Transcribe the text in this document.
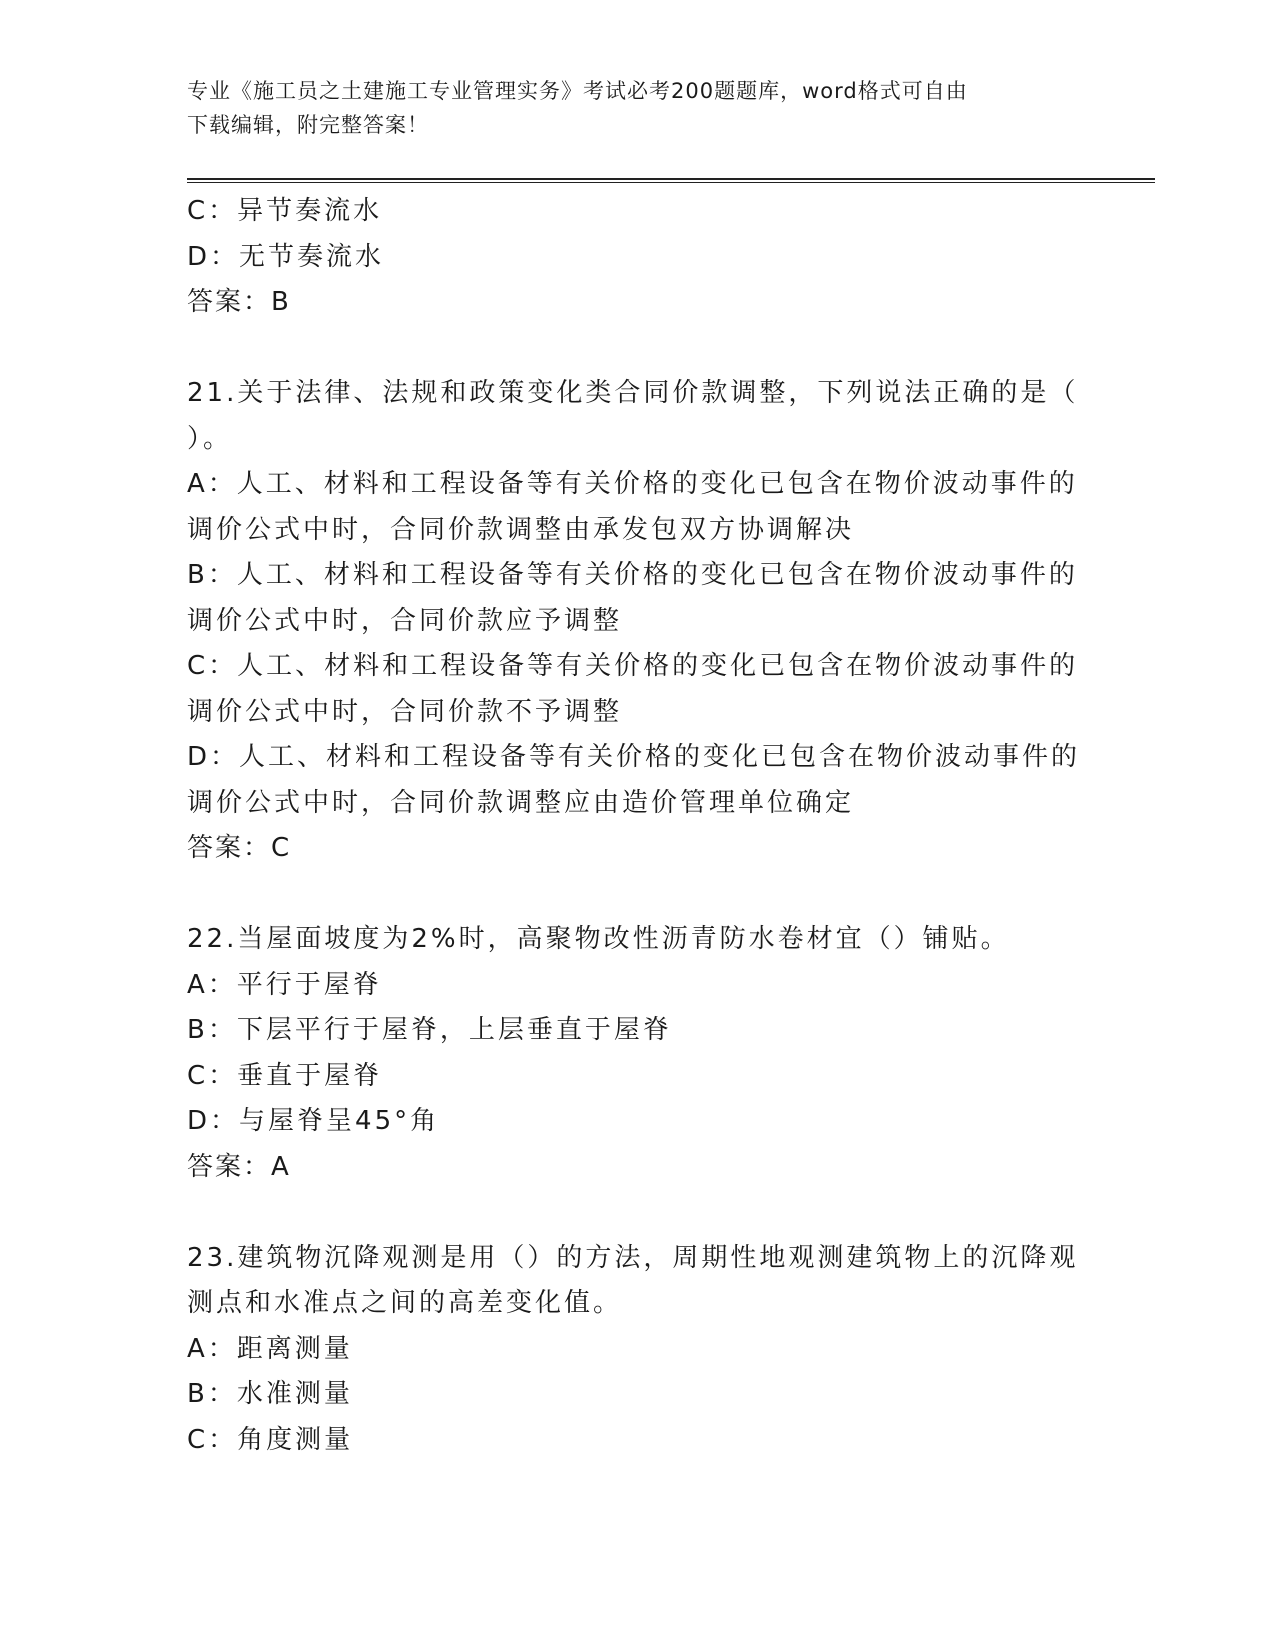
专业《施工员之土建施工专业管理实务》考试必考200题题库，word格式可自由
下载编辑，附完整答案！
C：异节奏流水
D：无节奏流水
答案：B
21.关于法律、法规和政策变化类合同价款调整，下列说法正确的是（
）。
A：人工、材料和工程设备等有关价格的变化已包含在物价波动事件的
调价公式中时，合同价款调整由承发包双方协调解决
B：人工、材料和工程设备等有关价格的变化已包含在物价波动事件的
调价公式中时，合同价款应予调整
C：人工、材料和工程设备等有关价格的变化已包含在物价波动事件的
调价公式中时，合同价款不予调整
D：人工、材料和工程设备等有关价格的变化已包含在物价波动事件的
调价公式中时，合同价款调整应由造价管理单位确定
答案：C
22.当屋面坡度为2%时，高聚物改性沥青防水卷材宜（）铺贴。
A：平行于屋脊
B：下层平行于屋脊，上层垂直于屋脊
C：垂直于屋脊
D：与屋脊呈45°角
答案：A
23.建筑物沉降观测是用（）的方法，周期性地观测建筑物上的沉降观
测点和水准点之间的高差变化值。
A：距离测量
B：水准测量
C：角度测量
